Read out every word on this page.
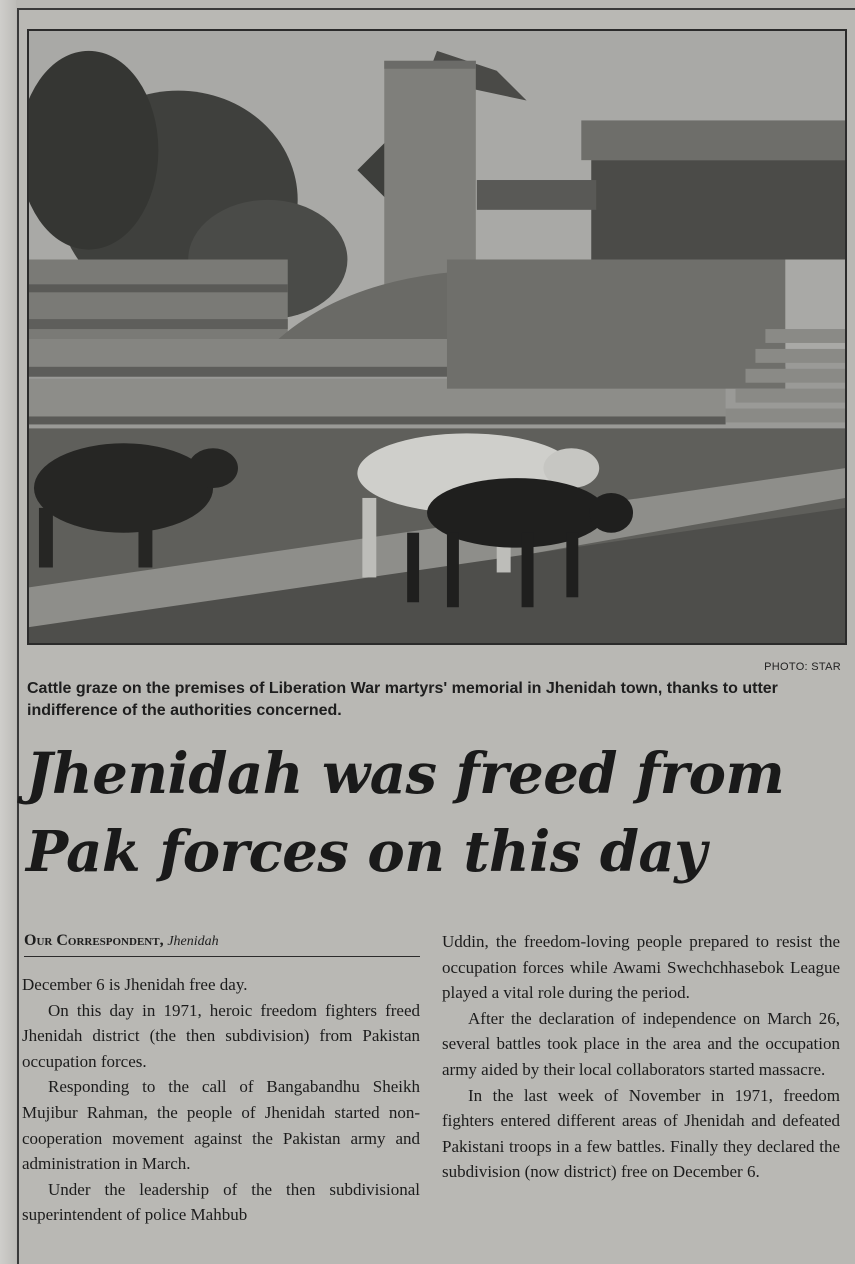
PHOTO: STAR
Cattle graze on the premises of Liberation War martyrs' memorial in Jhenidah town, thanks to utter indifference of the authorities concerned.
Jhenidah was freed from
Pak forces on this day
Our Correspondent, Jhenidah

December 6 is Jhenidah free day.

On this day in 1971, heroic freedom fighters freed Jhenidah district (the then subdivision) from Pakistan occupation forces.

Responding to the call of Bangabandhu Sheikh Mujibur Rahman, the people of Jhenidah started non-cooperation movement against the Pakistan army and administration in March.

Under the leadership of the then subdivisional superintendent of police Mahbub

Uddin, the freedom-loving people prepared to resist the occupation forces while Awami Swechchhasebok League played a vital role during the period.

After the declaration of independence on March 26, several battles took place in the area and the occupation army aided by their local collaborators started massacre.

In the last week of November in 1971, freedom fighters entered different areas of Jhenidah and defeated Pakistani troops in a few battles. Finally they declared the subdivision (now district) free on December 6.
